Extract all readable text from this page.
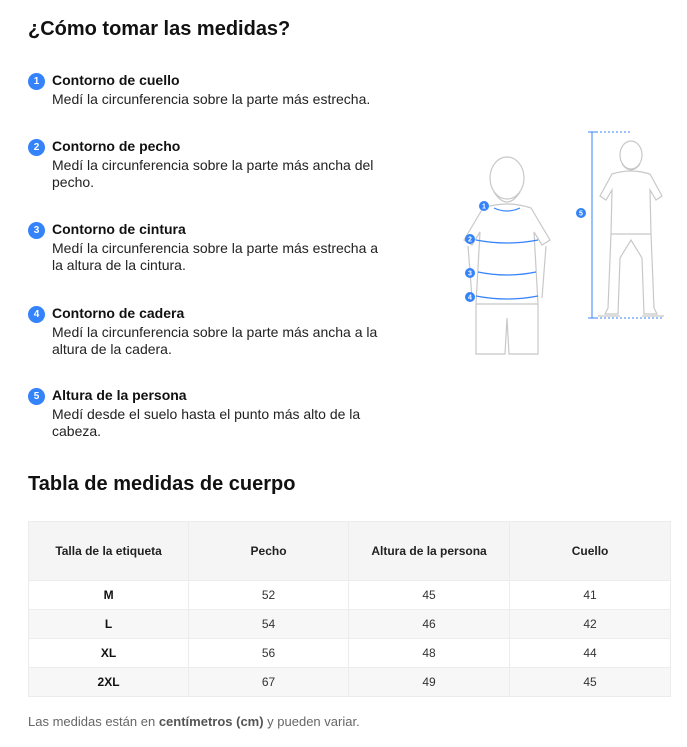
¿Cómo tomar las medidas?
1 Contorno de cuello
Medí la circunferencia sobre la parte más estrecha.
2 Contorno de pecho
Medí la circunferencia sobre la parte más ancha del pecho.
3 Contorno de cintura
Medí la circunferencia sobre la parte más estrecha a la altura de la cintura.
4 Contorno de cadera
Medí la circunferencia sobre la parte más ancha a la altura de la cadera.
5 Altura de la persona
Medí desde el suelo hasta el punto más alto de la cabeza.
1
2
3
4
5
Tabla de medidas de cuerpo
Talla de la etiqueta	Pecho	Altura de la persona	Cuello
M	52	45	41
L	54	46	42
XL	56	48	44
2XL	67	49	45
Las medidas están en centímetros (cm) y pueden variar.
